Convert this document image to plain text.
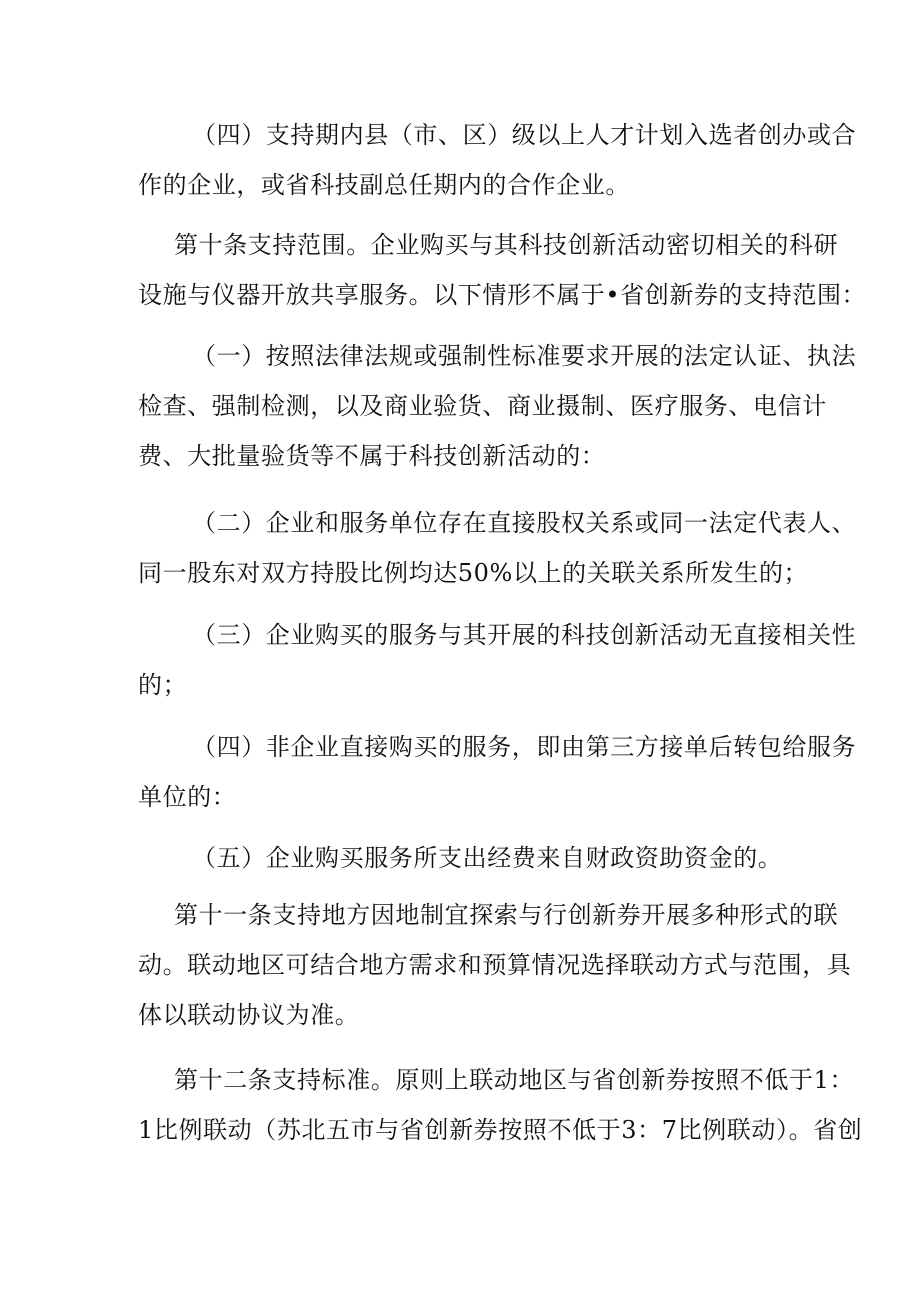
（四）支持期内县（市、区）级以上人才计划入选者创办或合
作的企业，或省科技副总任期内的合作企业。

第十条支持范围。企业购买与其科技创新活动密切相关的科研
设施与仪器开放共享服务。以下情形不属于•省创新券的支持范围：

（一）按照法律法规或强制性标准要求开展的法定认证、执法
检查、强制检测，以及商业验货、商业摄制、医疗服务、电信计
费、大批量验货等不属于科技创新活动的：

（二）企业和服务单位存在直接股权关系或同一法定代表人、
同一股东对双方持股比例均达50%以上的关联关系所发生的；

（三）企业购买的服务与其开展的科技创新活动无直接相关性
的；

（四）非企业直接购买的服务，即由第三方接单后转包给服务
单位的：

（五）企业购买服务所支出经费来自财政资助资金的。

第十一条支持地方因地制宜探索与行创新券开展多种形式的联
动。联动地区可结合地方需求和预算情况选择联动方式与范围，具
体以联动协议为准。

第十二条支持标准。原则上联动地区与省创新券按照不低于1：
1比例联动（苏北五市与省创新券按照不低于3：7比例联动）。省创
